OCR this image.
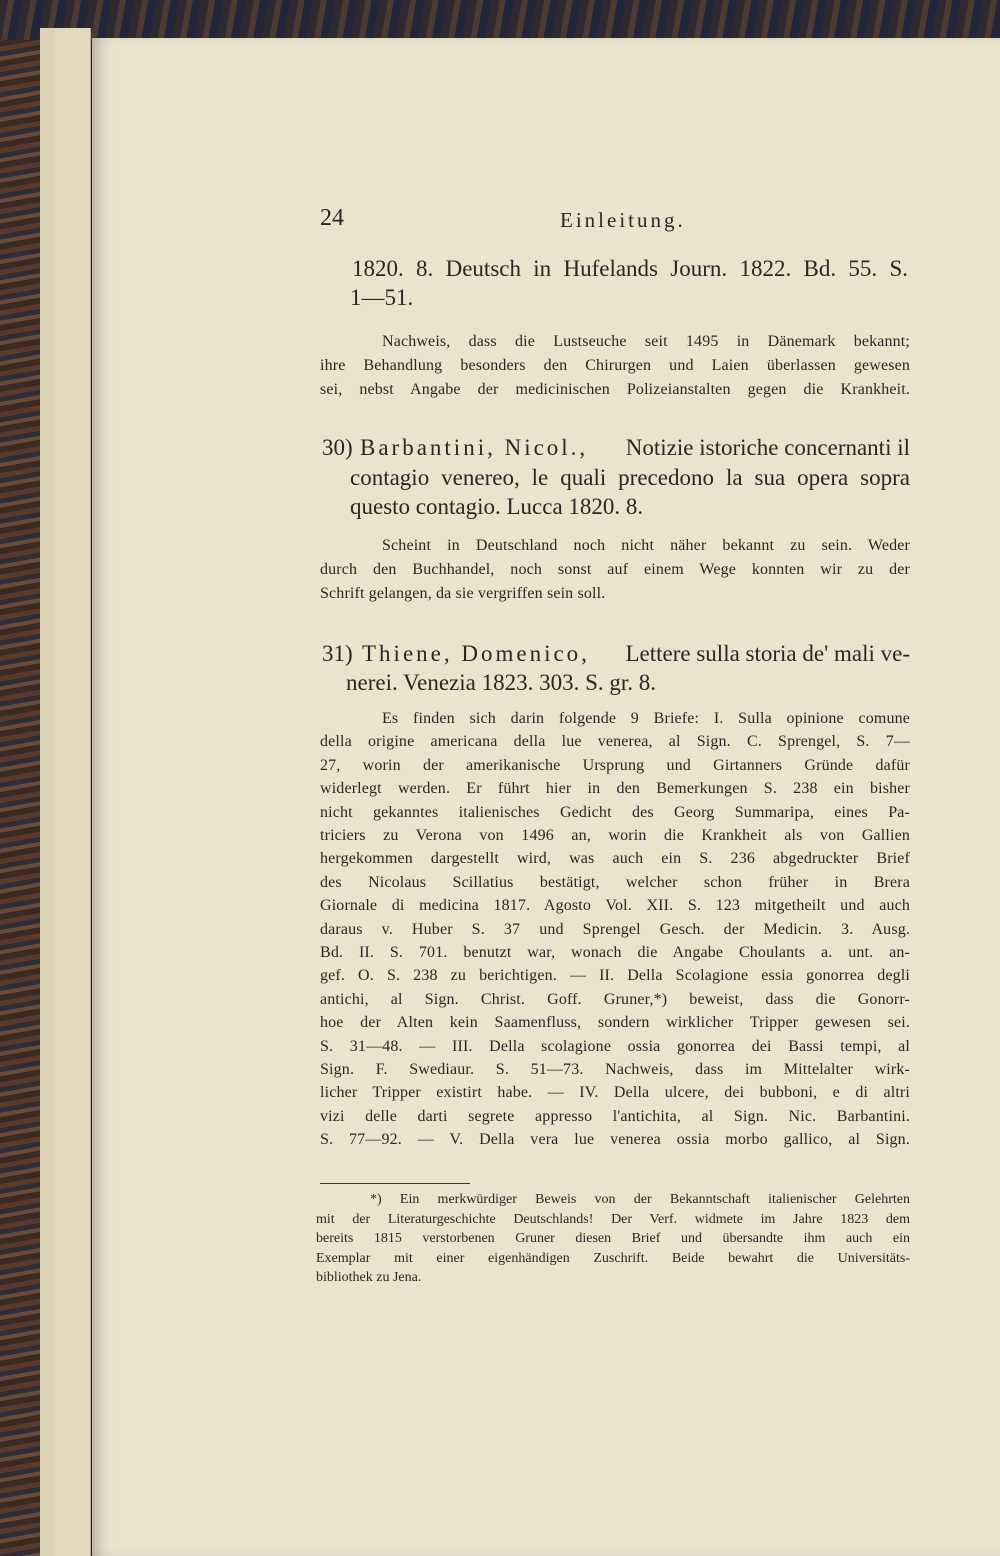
24	Einleitung.
1820. 8. Deutsch in Hufelands Journ. 1822. Bd. 55. S.
1—51.
Nachweis, dass die Lustseuche seit 1495 in Dänemark bekannt;
ihre Behandlung besonders den Chirurgen und Laien überlassen gewesen
sei, nebst Angabe der medicinischen Polizeianstalten gegen die Krankheit.
30) Barbantini, Nicol.,	Notizie istoriche concernanti il
contagio venereo, le quali precedono la sua opera sopra
questo contagio. Lucca 1820. 8.
Scheint in Deutschland noch nicht näher bekannt zu sein. Weder
durch den Buchhandel, noch sonst auf einem Wege konnten wir zu der
Schrift gelangen, da sie vergriffen sein soll.
31) Thiene, Domenico,	Lettere sulla storia de' mali ve-
nerei. Venezia 1823. 303. S. gr. 8.
Es finden sich darin folgende 9 Briefe: I. Sulla opinione comune
della origine americana della lue venerea, al Sign. C. Sprengel, S. 7—
27, worin der amerikanische Ursprung und Girtanners Gründe dafür
widerlegt werden. Er führt hier in den Bemerkungen S. 238 ein bisher
nicht gekanntes italienisches Gedicht des Georg Summaripa, eines Pa-
triciers zu Verona von 1496 an, worin die Krankheit als von Gallien
hergekommen dargestellt wird, was auch ein S. 236 abgedruckter Brief
des Nicolaus Scillatius bestätigt, welcher schon früher in Brera
Giornale di medicina 1817. Agosto Vol. XII. S. 123 mitgetheilt und auch
daraus v. Huber S. 37 und Sprengel Gesch. der Medicin. 3. Ausg.
Bd. II. S. 701. benutzt war, wonach die Angabe Choulants a. unt. an-
gef. O. S. 238 zu berichtigen. — II. Della Scolagione essia gonorrea degli
antichi, al Sign. Christ. Goff. Gruner,*) beweist, dass die Gonorr-
hoe der Alten kein Saamenfluss, sondern wirklicher Tripper gewesen sei.
S. 31—48. — III. Della scolagione ossia gonorrea dei Bassi tempi, al
Sign. F. Swediaur. S. 51—73. Nachweis, dass im Mittelalter wirk-
licher Tripper existirt habe. — IV. Della ulcere, dei bubboni, e di altri
vizi delle darti segrete appresso l'antichita, al Sign. Nic. Barbantini.
S. 77—92. — V. Della vera lue venerea ossia morbo gallico, al Sign.
*) Ein merkwürdiger Beweis von der Bekanntschaft italienischer Gelehrten
mit der Literaturgeschichte Deutschlands! Der Verf. widmete im Jahre 1823 dem
bereits 1815 verstorbenen Gruner diesen Brief und übersandte ihm auch ein
Exemplar mit einer eigenhändigen Zuschrift. Beide bewahrt die Universitäts-
bibliothek zu Jena.
